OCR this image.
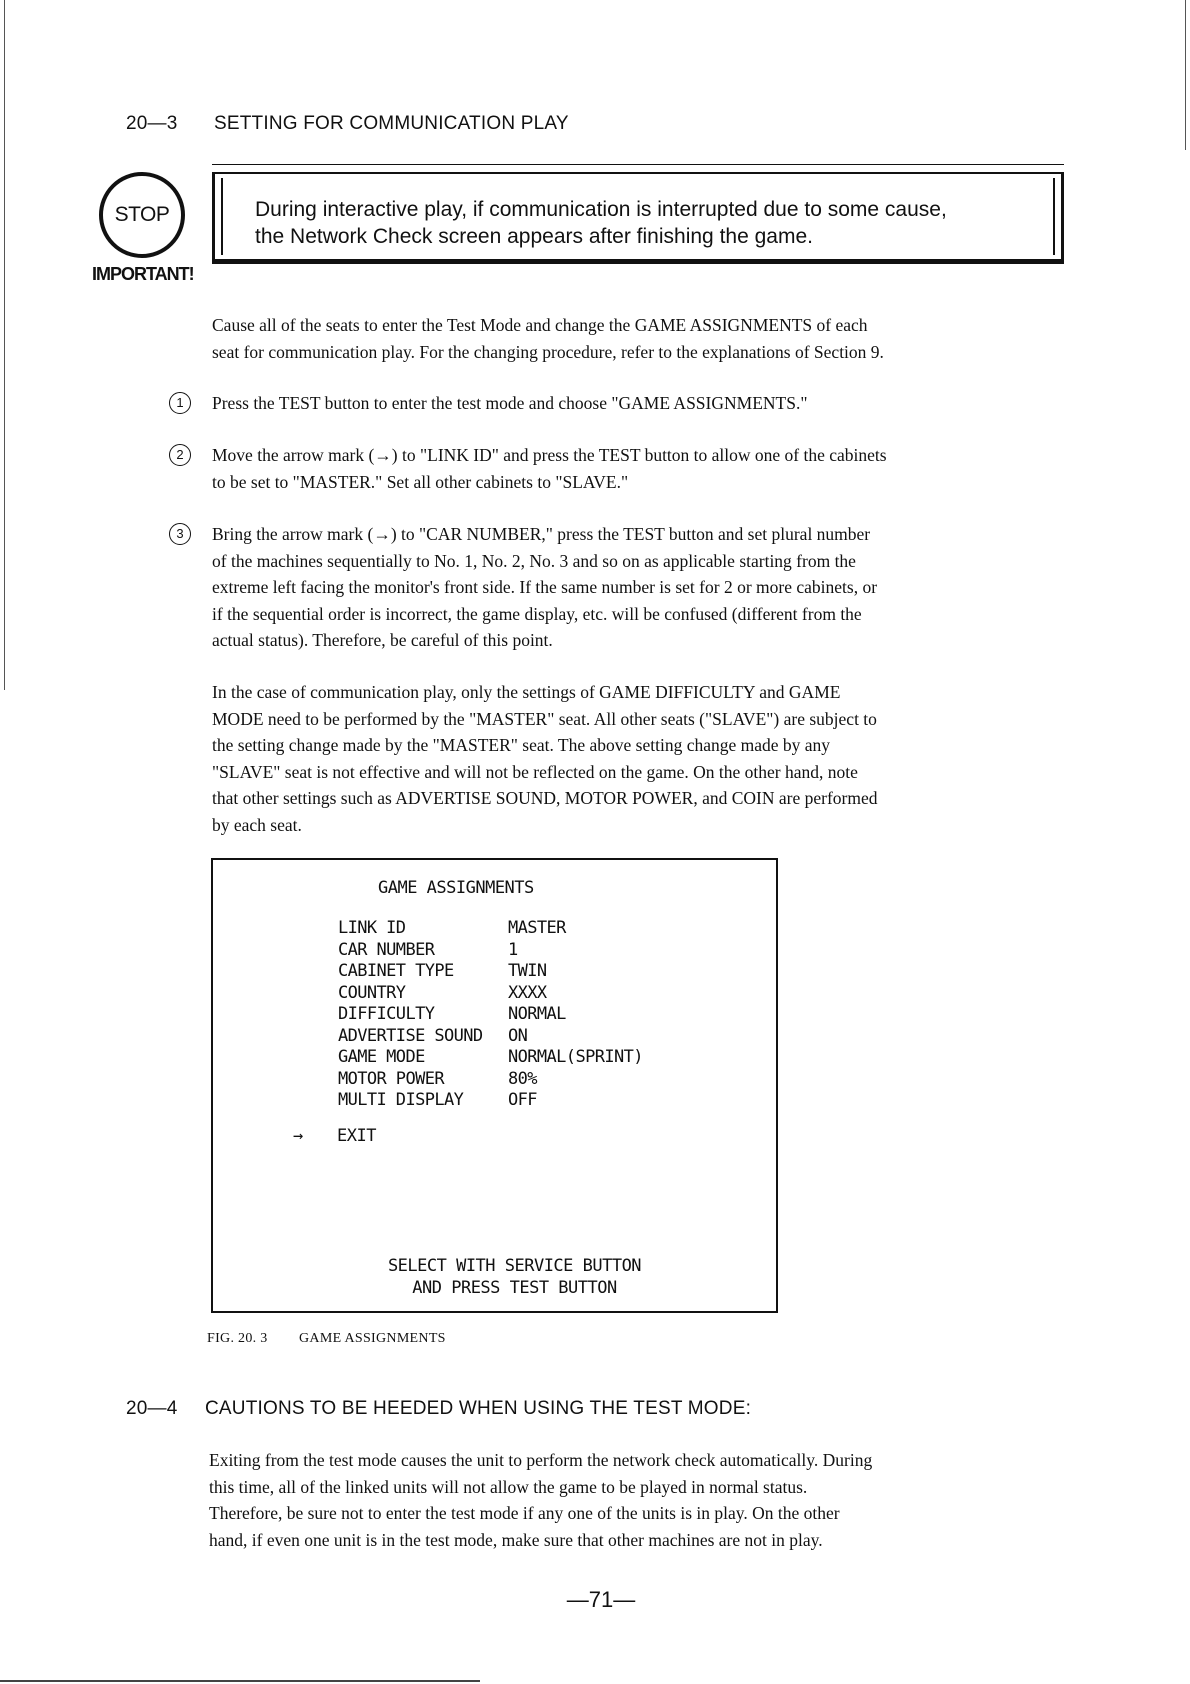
20—3 SETTING FOR COMMUNICATION PLAY
STOP
IMPORTANT!
During interactive play, if communication is interrupted due to some cause,
the Network Check screen appears after finishing the game.
Cause all of the seats to enter the Test Mode and change the GAME ASSIGNMENTS of each
seat for communication play. For the changing procedure, refer to the explanations of Section 9.
1	Press the TEST button to enter the test mode and choose "GAME ASSIGNMENTS."
2	Move the arrow mark (→) to "LINK ID" and press the TEST button to allow one of the cabinets
to be set to "MASTER." Set all other cabinets to "SLAVE."
3	Bring the arrow mark (→) to "CAR NUMBER," press the TEST button and set plural number
of the machines sequentially to No. 1, No. 2, No. 3 and so on as applicable starting from the
extreme left facing the monitor's front side. If the same number is set for 2 or more cabinets, or
if the sequential order is incorrect, the game display, etc. will be confused (different from the
actual status). Therefore, be careful of this point.
In the case of communication play, only the settings of GAME DIFFICULTY and GAME
MODE need to be performed by the "MASTER" seat. All other seats ("SLAVE") are subject to
the setting change made by the "MASTER" seat. The above setting change made by any
"SLAVE" seat is not effective and will not be reflected on the game. On the other hand, note
that other settings such as ADVERTISE SOUND, MOTOR POWER, and COIN are performed
by each seat.
GAME ASSIGNMENTS
LINK ID	MASTER
CAR NUMBER	1
CABINET TYPE	TWIN
COUNTRY	XXXX
DIFFICULTY	NORMAL
ADVERTISE SOUND ON
GAME MODE	NORMAL(SPRINT)
MOTOR POWER	80%
MULTI DISPLAY	OFF
→ EXIT
SELECT WITH SERVICE BUTTON
AND PRESS TEST BUTTON
FIG. 20. 3 GAME ASSIGNMENTS
20—4 CAUTIONS TO BE HEEDED WHEN USING THE TEST MODE:
Exiting from the test mode causes the unit to perform the network check automatically. During
this time, all of the linked units will not allow the game to be played in normal status.
Therefore, be sure not to enter the test mode if any one of the units is in play. On the other
hand, if even one unit is in the test mode, make sure that other machines are not in play.
—71—
